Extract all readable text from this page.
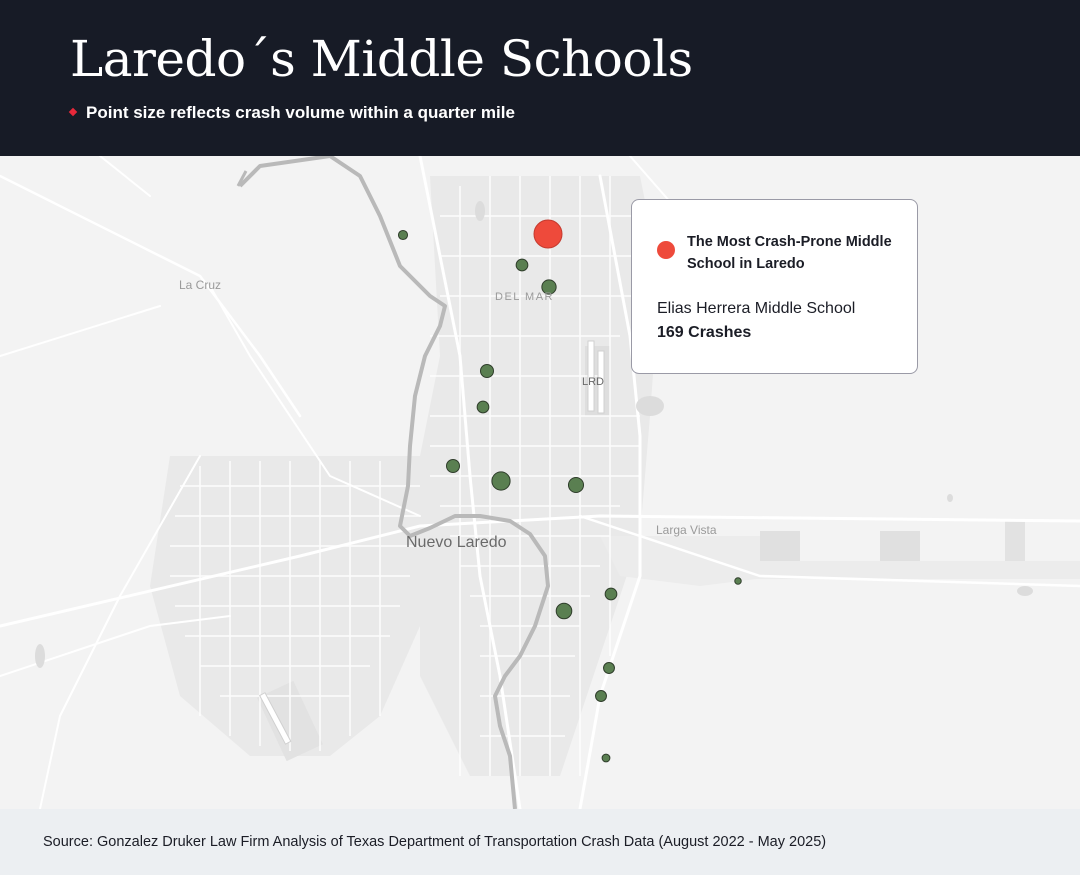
Laredo´s Middle Schools
Point size reflects crash volume within a quarter mile
La Cruz
DEL MAR
LRD
Nuevo Laredo
Larga Vista
The Most Crash-Prone Middle School in Laredo
Elias Herrera Middle School
169 Crashes
Source: Gonzalez Druker Law Firm Analysis of Texas Department of Transportation Crash Data (August 2022 - May 2025)
